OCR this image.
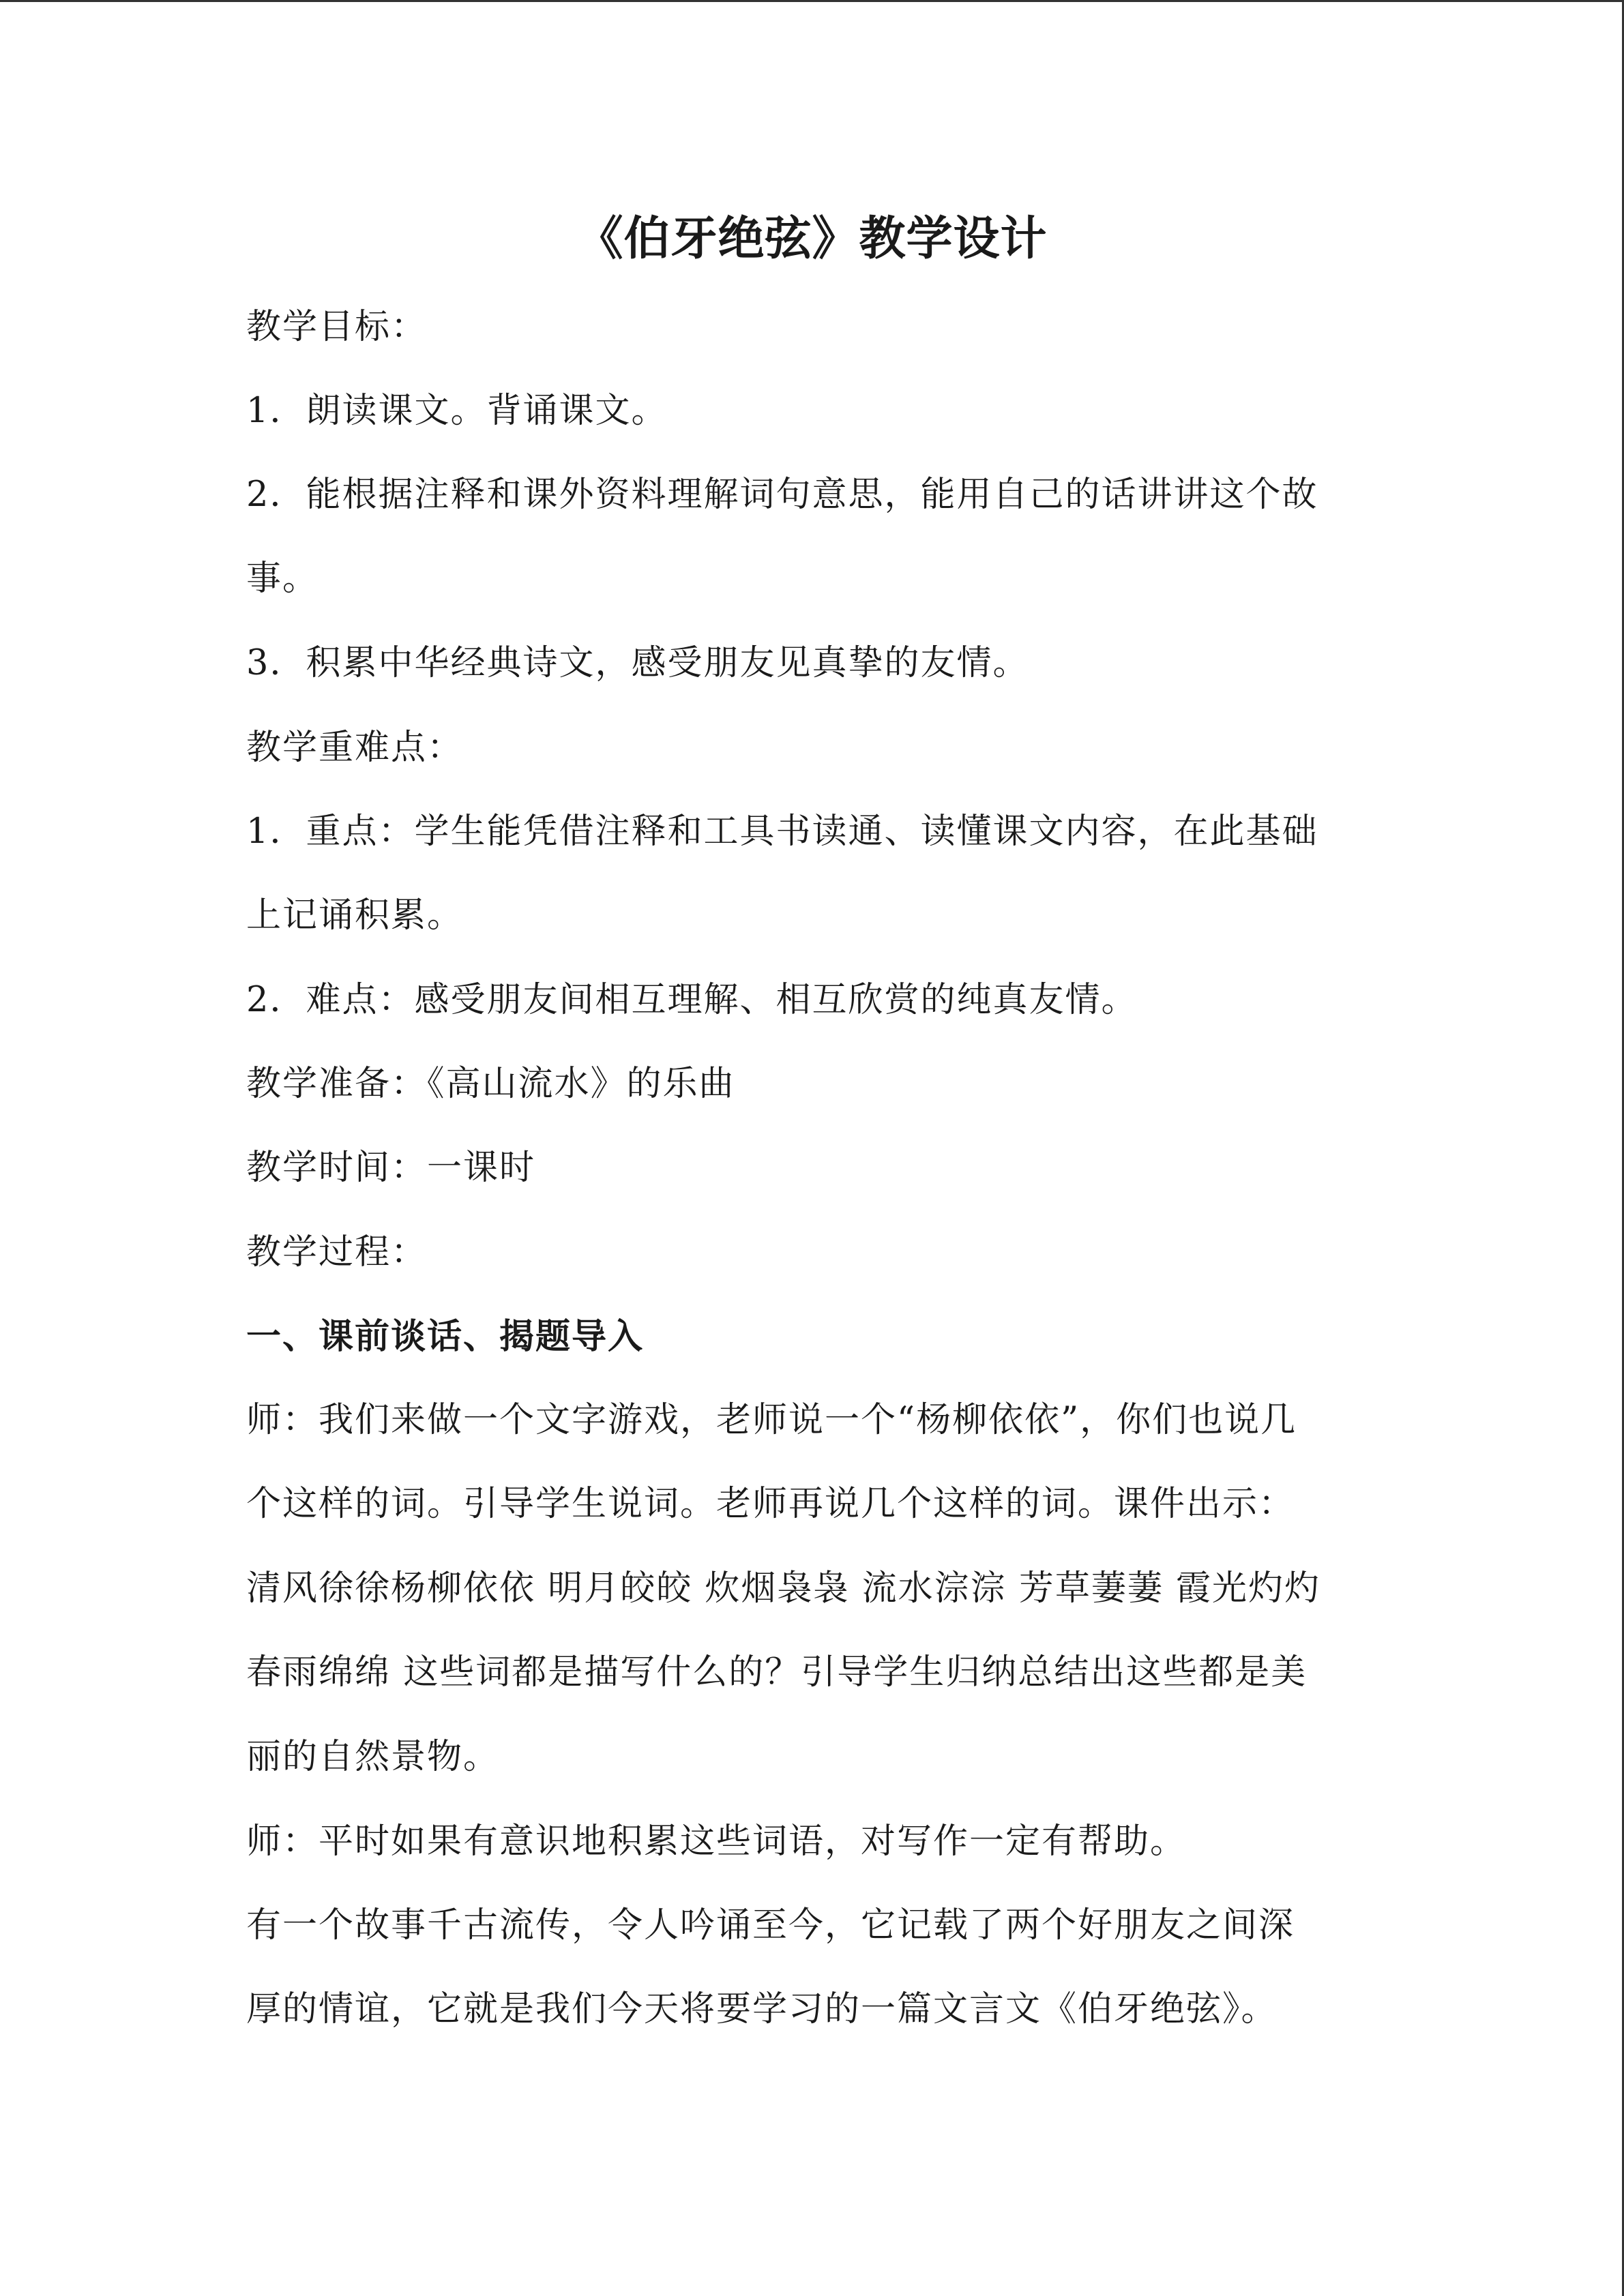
《伯牙绝弦》教学设计
教学目标：
1．朗读课文。背诵课文。
2．能根据注释和课外资料理解词句意思，能用自己的话讲讲这个故
事。
3．积累中华经典诗文，感受朋友见真挚的友情。
教学重难点：
1．重点：学生能凭借注释和工具书读通、读懂课文内容，在此基础
上记诵积累。
2．难点：感受朋友间相互理解、相互欣赏的纯真友情。
教学准备：《高山流水》的乐曲
教学时间：一课时
教学过程：
一、课前谈话、揭题导入
师：我们来做一个文字游戏，老师说一个“杨柳依依”，你们也说几
个这样的词。引导学生说词。老师再说几个这样的词。课件出示：
清风徐徐杨柳依依 明月皎皎 炊烟袅袅 流水淙淙 芳草萋萋 霞光灼灼
春雨绵绵 这些词都是描写什么的？引导学生归纳总结出这些都是美
丽的自然景物。
师：平时如果有意识地积累这些词语，对写作一定有帮助。
有一个故事千古流传，令人吟诵至今，它记载了两个好朋友之间深
厚的情谊，它就是我们今天将要学习的一篇文言文《伯牙绝弦》。
